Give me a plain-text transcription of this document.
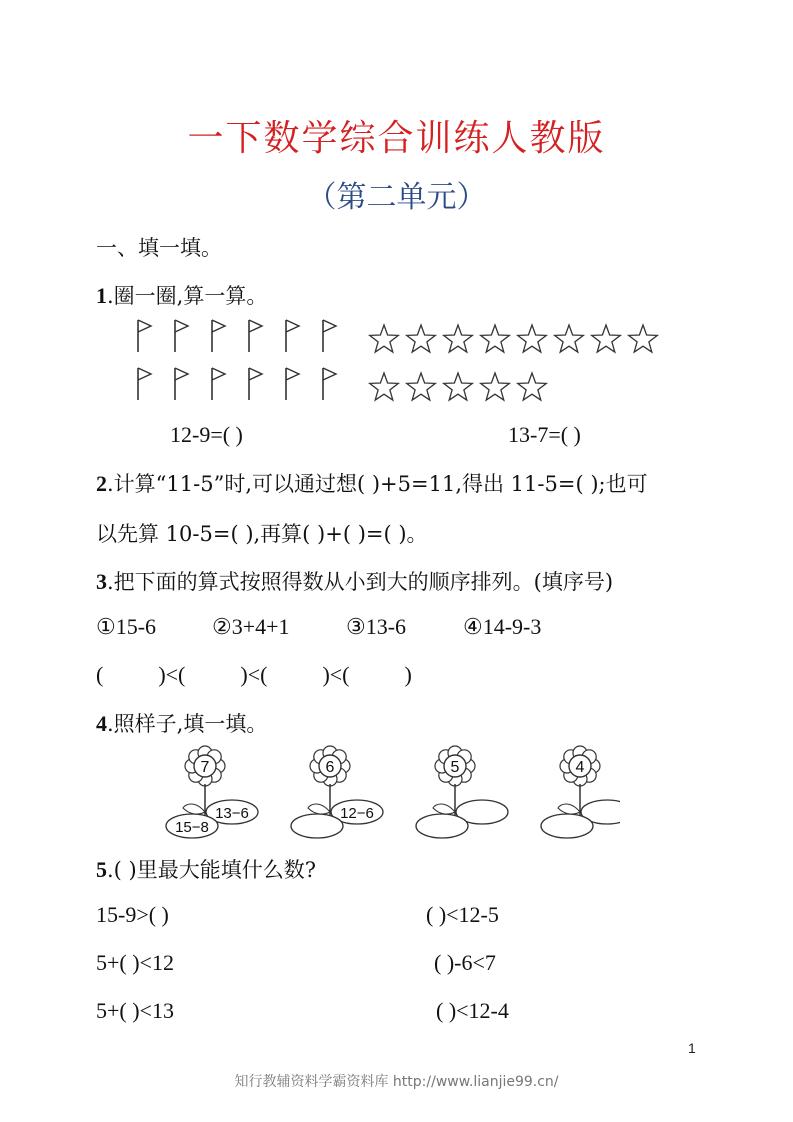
一下数学综合训练人教版
（第二单元）
一、填一填。
1.圈一圈,算一算。
12-9=( )	13-7=( )
2.计算“11-5”时,可以通过想( )+5=11,得出 11-5=( );也可
以先算 10-5=( ),再算( )+( )=( )。
3.把下面的算式按照得数从小到大的顺序排列。(填序号)
①15-6	②3+4+1	③13-6	④14-9-3
(          )<(          )<(          )<(          )
4.照样子,填一填。
7
13−6
15−8
6
12−6
5	4
5.( )里最大能填什么数?
15-9>( )	( )<12-5
5+( )<12	( )-6<7
5+( )<13	( )<12-4
1
知行教辅资料学霸资料库 http://www.lianjie99.cn/
